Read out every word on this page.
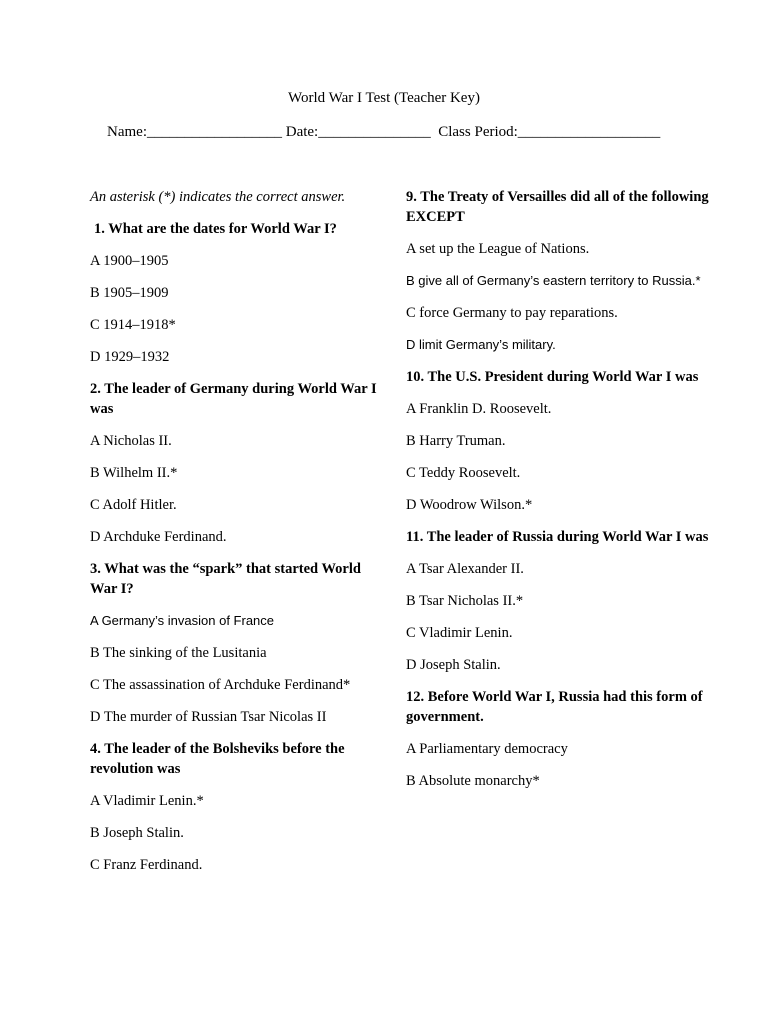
World War I Test (Teacher Key)
Name:__________________ Date:_______________  Class Period:___________________
An asterisk (*) indicates the correct answer.
1. What are the dates for World War I?
A 1900–1905
B 1905–1909
C 1914–1918*
D 1929–1932
2. The leader of Germany during World War I was
A Nicholas II.
B Wilhelm II.*
C Adolf Hitler.
D Archduke Ferdinand.
3. What was the “spark” that started World War I?
A Germany’s invasion of France
B The sinking of the Lusitania
C The assassination of Archduke Ferdinand*
D The murder of Russian Tsar Nicolas II
4. The leader of the Bolsheviks before the revolution was
A Vladimir Lenin.*
B Joseph Stalin.
C Franz Ferdinand.
9. The Treaty of Versailles did all of the following EXCEPT
A set up the League of Nations.
B give all of Germany’s eastern territory to Russia.*
C force Germany to pay reparations.
D limit Germany’s military.
10. The U.S. President during World War I was
A Franklin D. Roosevelt.
B Harry Truman.
C Teddy Roosevelt.
D Woodrow Wilson.*
11. The leader of Russia during World War I was
A Tsar Alexander II.
B Tsar Nicholas II.*
C Vladimir Lenin.
D Joseph Stalin.
12. Before World War I, Russia had this form of government.
A Parliamentary democracy
B Absolute monarchy*
